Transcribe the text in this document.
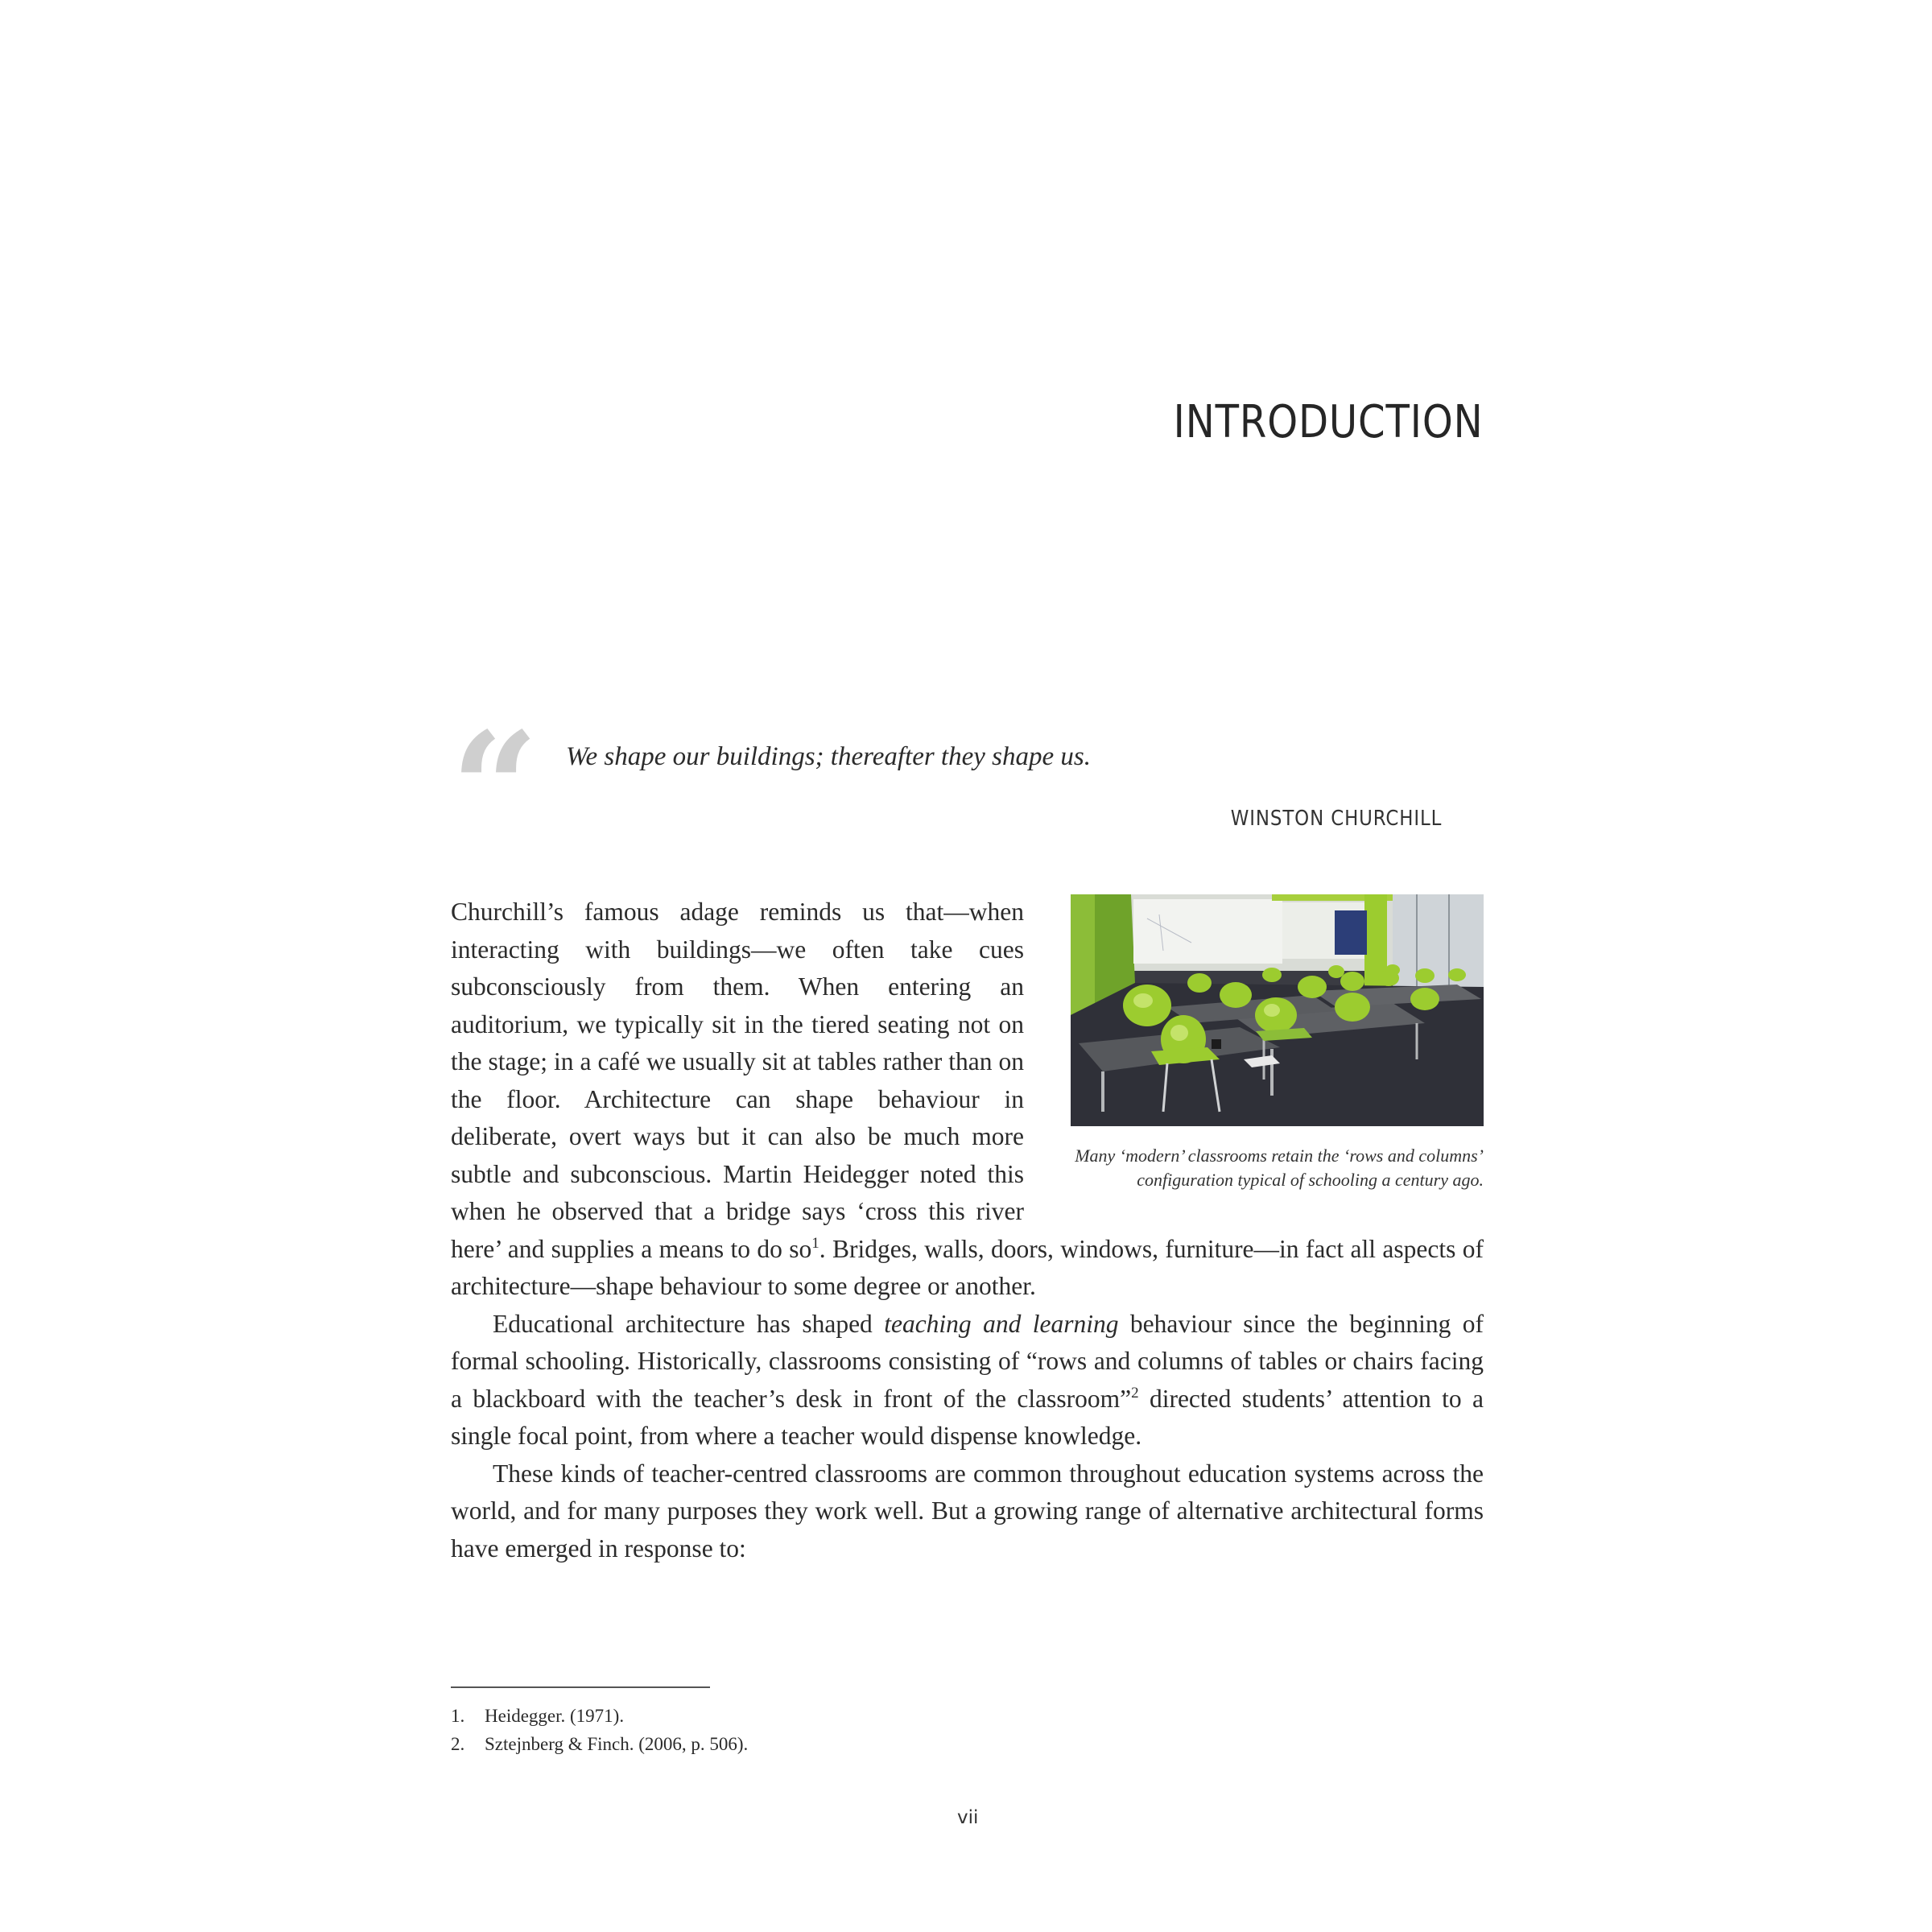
INTRODUCTION
“ We shape our buildings; thereafter they shape us.
WINSTON CHURCHILL
Many ‘modern’ classrooms retain the ‘rows and columns’ configuration typical of schooling a century ago.

Churchill’s famous adage reminds us that—when interacting with buildings—we often take cues subconsciously from them. When entering an auditorium, we typically sit in the tiered seating not on the stage; in a café we usually sit at tables rather than on the floor. Architecture can shape behaviour in deliberate, overt ways but it can also be much more subtle and subconscious. Martin Heidegger noted this when he observed that a bridge says ‘cross this river here’ and supplies a means to do $so^1$. Bridges, walls, doors, windows, furniture—in fact all aspects of architecture—shape behaviour to some degree or another.

Educational architecture has shaped teaching and learning behaviour since the beginning of formal schooling. Historically, classrooms consisting of “rows and columns of tables or chairs facing a blackboard with the teacher’s desk in front of the classroom”$^2$ directed students’ attention to a single focal point, from where a teacher would dispense knowledge.

These kinds of teacher-centred classrooms are common throughout education systems across the world, and for many purposes they work well. But a growing range of alternative architectural forms have emerged in response to:

1. Heidegger. (1971).
2. Sztejnberg & Finch. (2006, p. 506).
vii
